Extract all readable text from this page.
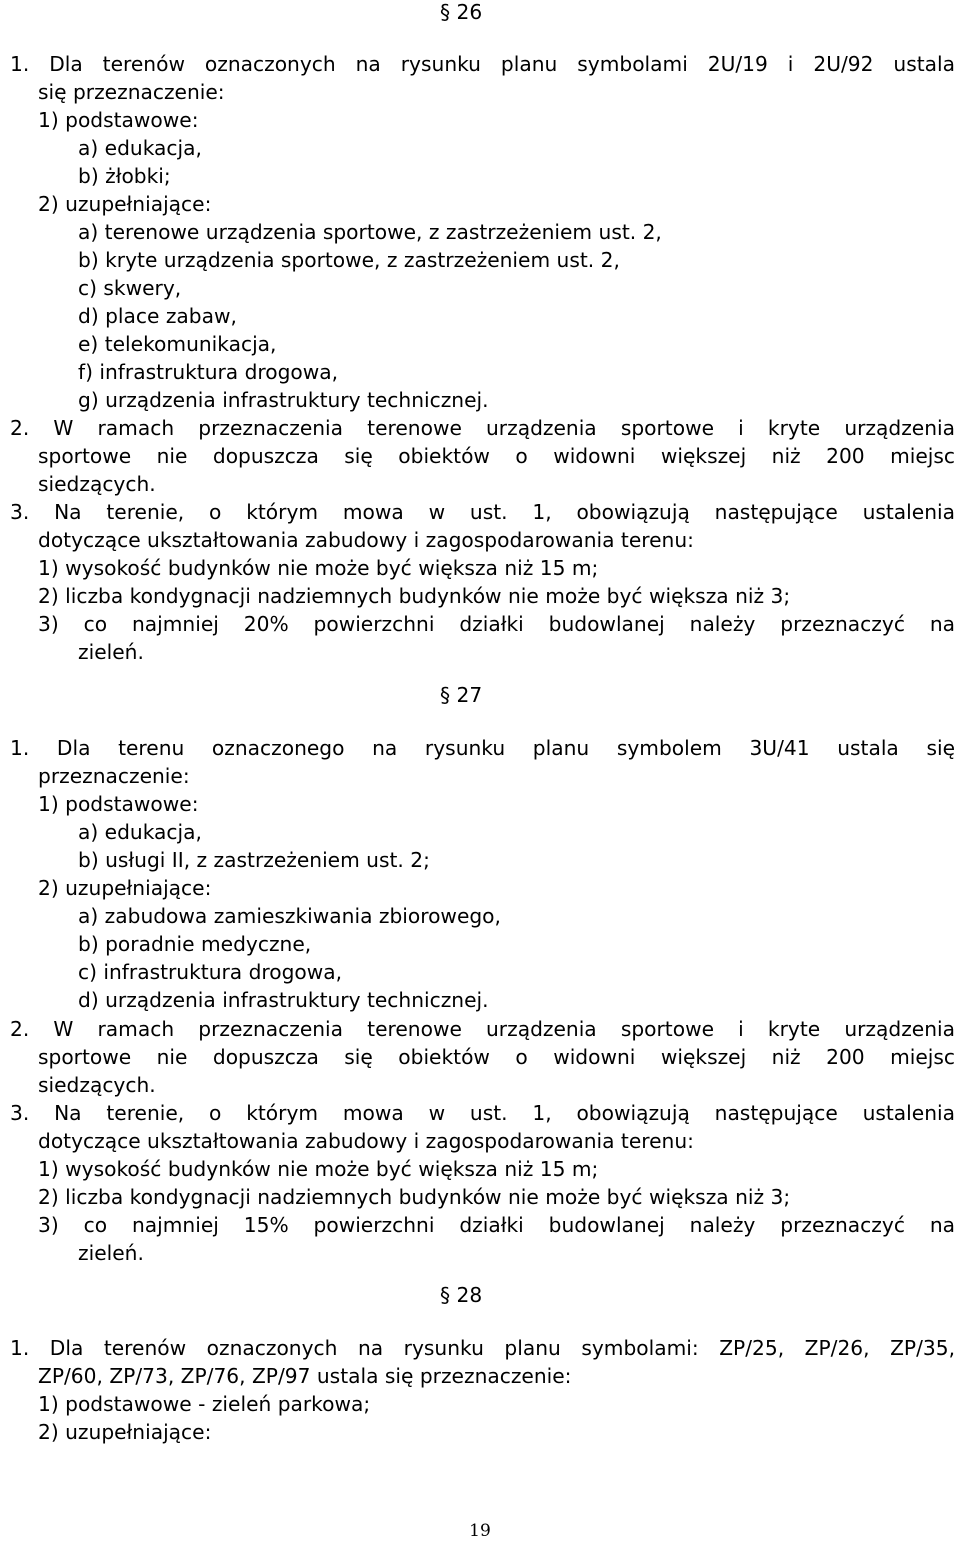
§ 26
1. Dla terenów oznaczonych na rysunku planu symbolami 2U/19 i 2U/92 ustala
się przeznaczenie:
1) podstawowe:
a) edukacja,
b) żłobki;
2) uzupełniające:
a) terenowe urządzenia sportowe, z zastrzeżeniem ust. 2,
b) kryte urządzenia sportowe, z zastrzeżeniem ust. 2,
c) skwery,
d) place zabaw,
e) telekomunikacja,
f) infrastruktura drogowa,
g) urządzenia infrastruktury technicznej.
2. W ramach przeznaczenia terenowe urządzenia sportowe i kryte urządzenia
sportowe nie dopuszcza się obiektów o widowni większej niż 200 miejsc
siedzących.
3. Na terenie, o którym mowa w ust. 1, obowiązują następujące ustalenia
dotyczące ukształtowania zabudowy i zagospodarowania terenu:
1) wysokość budynków nie może być większa niż 15 m;
2) liczba kondygnacji nadziemnych budynków nie może być większa niż 3;
3) co najmniej 20% powierzchni działki budowlanej należy przeznaczyć na
zieleń.
§ 27
1. Dla terenu oznaczonego na rysunku planu symbolem 3U/41 ustala się
przeznaczenie:
1) podstawowe:
a) edukacja,
b) usługi II, z zastrzeżeniem ust. 2;
2) uzupełniające:
a) zabudowa zamieszkiwania zbiorowego,
b) poradnie medyczne,
c) infrastruktura drogowa,
d) urządzenia infrastruktury technicznej.
2. W ramach przeznaczenia terenowe urządzenia sportowe i kryte urządzenia
sportowe nie dopuszcza się obiektów o widowni większej niż 200 miejsc
siedzących.
3. Na terenie, o którym mowa w ust. 1, obowiązują następujące ustalenia
dotyczące ukształtowania zabudowy i zagospodarowania terenu:
1) wysokość budynków nie może być większa niż 15 m;
2) liczba kondygnacji nadziemnych budynków nie może być większa niż 3;
3) co najmniej 15% powierzchni działki budowlanej należy przeznaczyć na
zieleń.
§ 28
1. Dla terenów oznaczonych na rysunku planu symbolami: ZP/25, ZP/26, ZP/35,
ZP/60, ZP/73, ZP/76, ZP/97 ustala się przeznaczenie:
1) podstawowe - zieleń parkowa;
2) uzupełniające:
19
